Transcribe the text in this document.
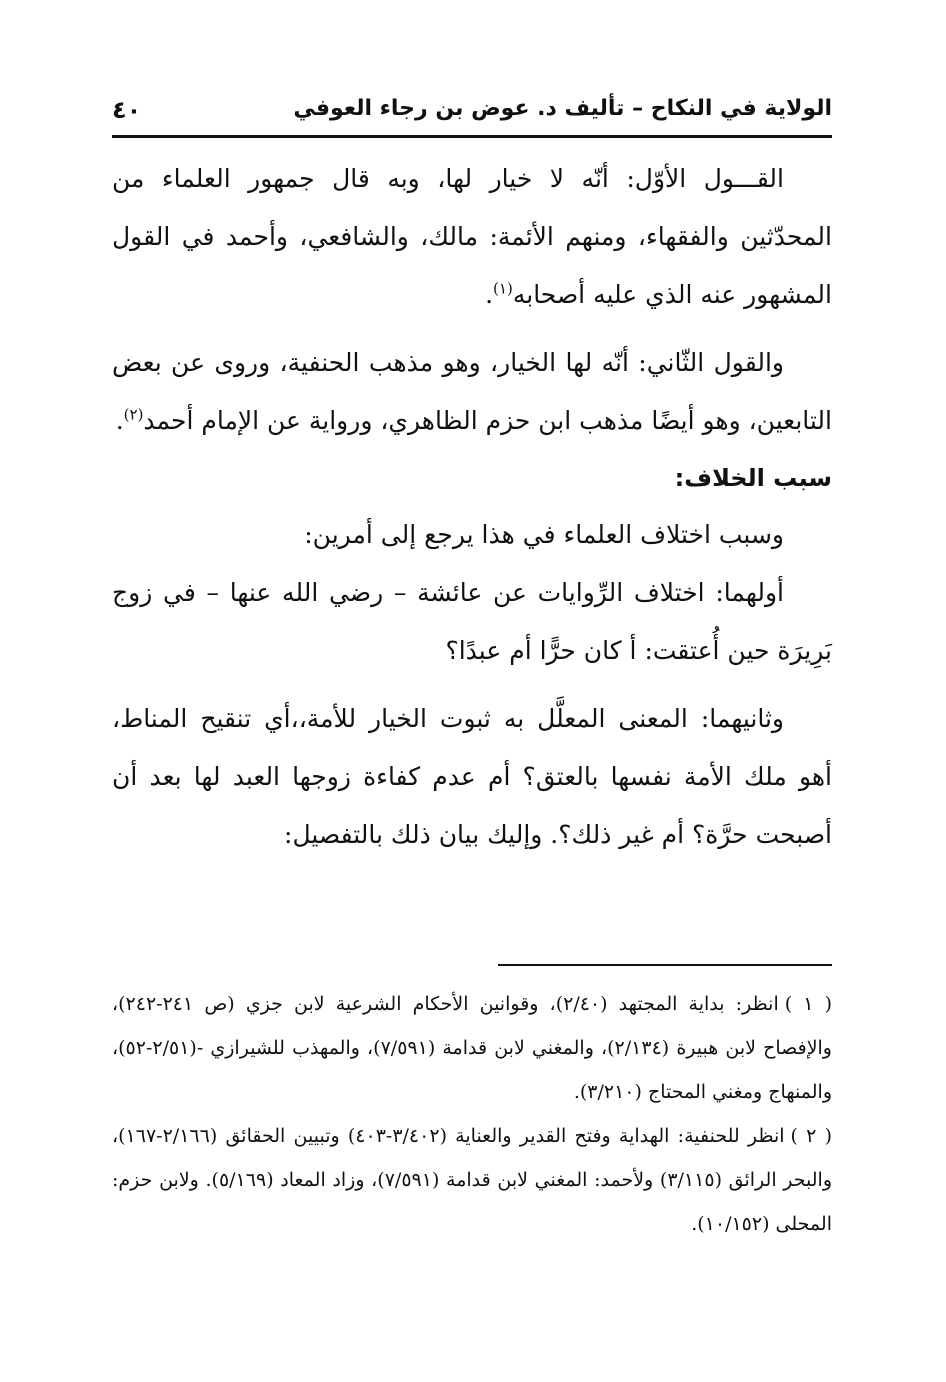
الولاية في النكاح – تأليف د. عوض بن رجاء العوفي
٤٠

القـــول الأوّل: أنّه لا خيار لها، وبه قال جمهور العلماء من المحدّثين والفقهاء، ومنهم الأئمة: مالك، والشافعي، وأحمد في القول المشهور عنه الذي عليه أصحابه$^{(١)}$.

والقول الثّاني: أنّه لها الخيار، وهو مذهب الحنفية، وروى عن بعض التابعين، وهو أيضًا مذهب ابن حزم الظاهري، ورواية عن الإمام أحمد$^{(٢)}$.

سبب الخلاف:

وسبب اختلاف العلماء في هذا يرجع إلى أمرين:

أولهما: اختلاف الرِّوايات عن عائشة – رضي الله عنها – في زوج بَرِيرَة حين أُعتقت: أ كان حرًّا أم عبدًا؟

وثانيهما: المعنى المعلَّل به ثبوت الخيار للأمة،،أي تنقيح المناط، أهو ملك الأمة نفسها بالعتق؟ أم عدم كفاءة زوجها العبد لها بعد أن أصبحت حرَّة؟ أم غير ذلك؟. وإليك بيان ذلك بالتفصيل:

( ١ )انظر: بداية المجتهد (٢/٤٠)، وقوانين الأحكام الشرعية لابن جزي (ص ٢٤١-٢٤٢)، والإفصاح لابن هبيرة (٢/١٣٤)، والمغني لابن قدامة (٧/٥٩١)، والمهذب للشيرازي -(٢/٥١-٥٢)، والمنهاج ومغني المحتاج (٣/٢١٠).

( ٢ )انظر للحنفية: الهداية وفتح القدير والعناية (٣/٤٠٢-٤٠٣) وتبيين الحقائق (٢/١٦٦-١٦٧)، والبحر الرائق (٣/١١٥) ولأحمد: المغني لابن قدامة (٧/٥٩١)، وزاد المعاد (٥/١٦٩). ولابن حزم: المحلى (١٠/١٥٢).
